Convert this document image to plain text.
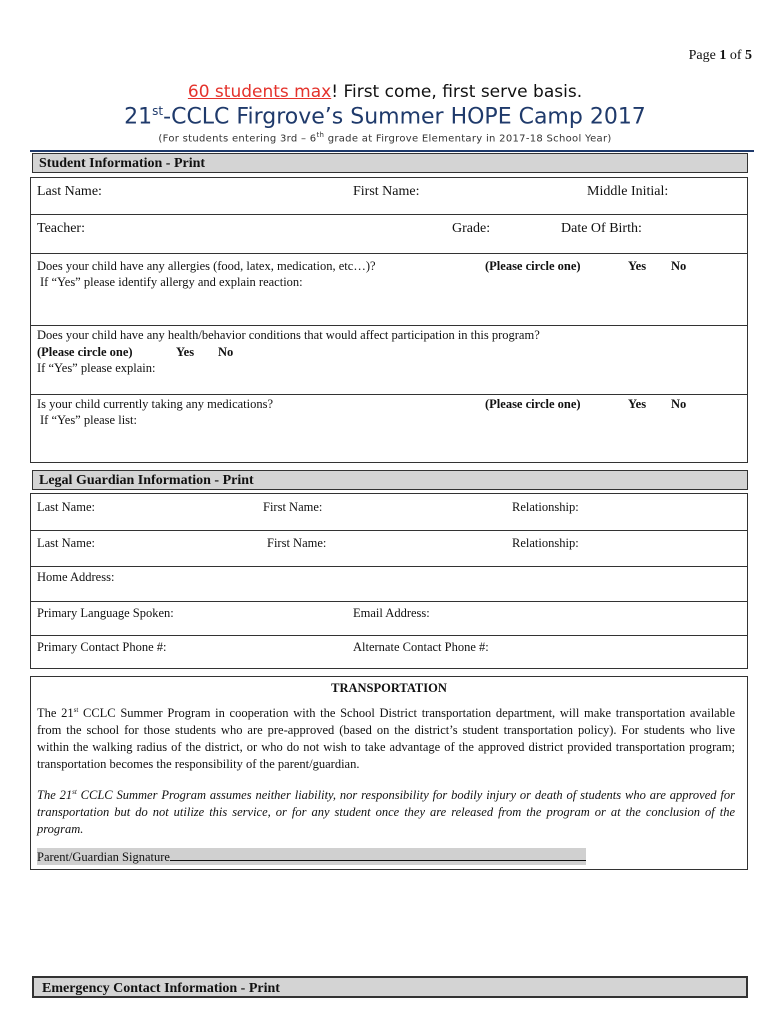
Page 1 of 5
60 students max! First come, first serve basis.
21st-CCLC Firgrove’s Summer HOPE Camp 2017
(For students entering 3rd – 6th grade at Firgrove Elementary in 2017-18 School Year)
Student Information - Print
Last Name:	First Name:	Middle Initial:
Teacher:	Grade:	Date Of Birth:
Does your child have any allergies (food, latex, medication, etc…)?	(Please circle one)	Yes No
If “Yes” please identify allergy and explain reaction:
Does your child have any health/behavior conditions that would affect participation in this program?
(Please circle one)	Yes No
If “Yes” please explain:
Is your child currently taking any medications?	(Please circle one)	Yes No
If “Yes” please list:
Legal Guardian Information - Print
Last Name:	First Name:	Relationship:
Last Name:	First Name:	Relationship:
Home Address:
Primary Language Spoken:	Email Address:
Primary Contact Phone #:	Alternate Contact Phone #:
TRANSPORTATION
The 21st CCLC Summer Program in cooperation with the School District transportation department, will make transportation available from the school for those students who are pre-approved (based on the district’s student transportation policy). For students who live within the walking radius of the district, or who do not wish to take advantage of the approved district provided transportation program; transportation becomes the responsibility of the parent/guardian.
The 21st CCLC Summer Program assumes neither liability, nor responsibility for bodily injury or death of students who are approved for transportation but do not utilize this service, or for any student once they are released from the program or at the conclusion of the program.
Parent/Guardian Signature
Emergency Contact Information - Print
